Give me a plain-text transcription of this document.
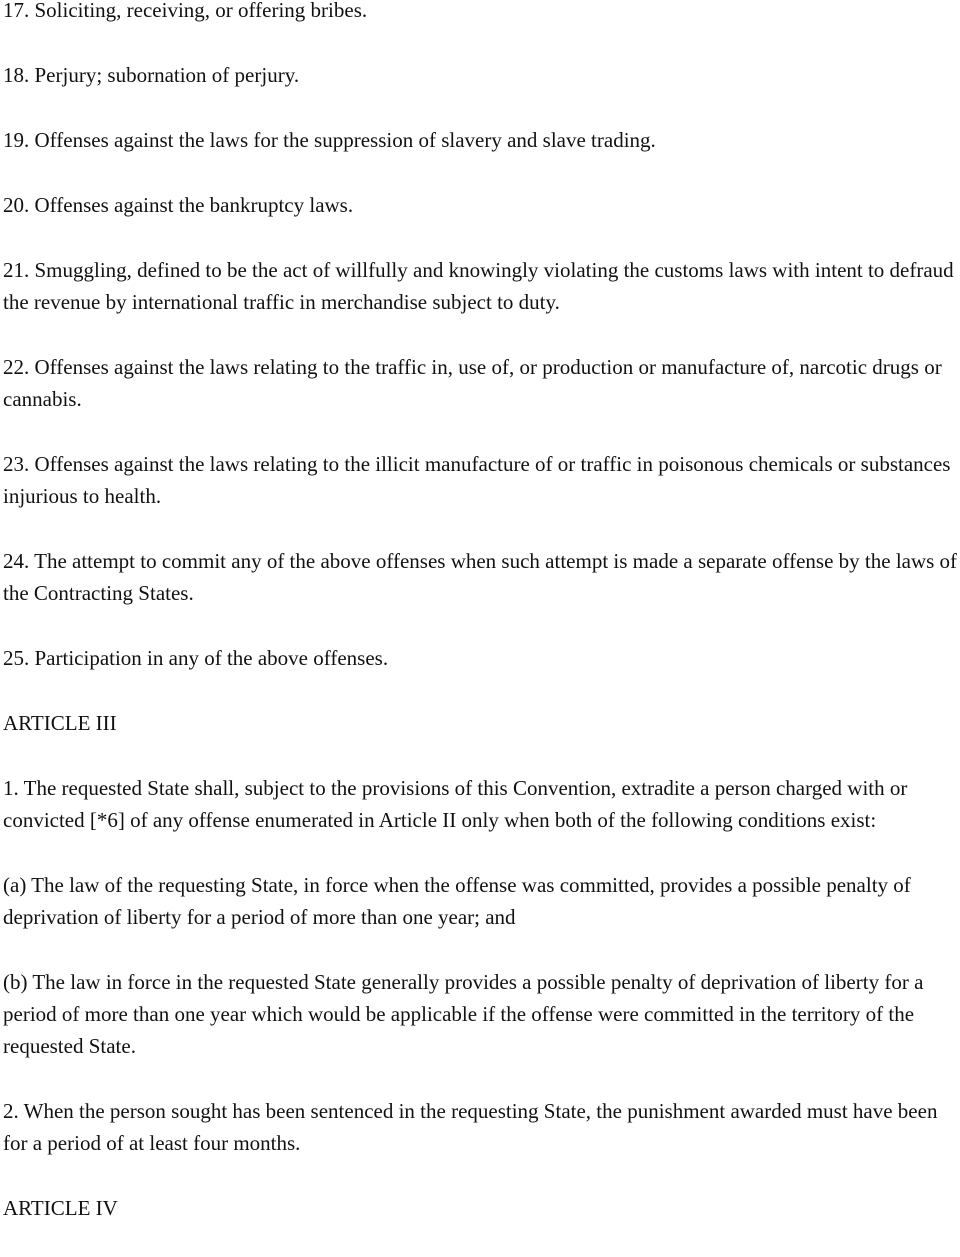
17. Soliciting, receiving, or offering bribes.

18. Perjury; subornation of perjury.

19. Offenses against the laws for the suppression of slavery and slave trading.

20. Offenses against the bankruptcy laws.

21. Smuggling, defined to be the act of willfully and knowingly violating the customs laws with intent to defraud the revenue by international traffic in merchandise subject to duty.

22. Offenses against the laws relating to the traffic in, use of, or production or manufacture of, narcotic drugs or cannabis.

23. Offenses against the laws relating to the illicit manufacture of or traffic in poisonous chemicals or substances injurious to health.

24. The attempt to commit any of the above offenses when such attempt is made a separate offense by the laws of the Contracting States.

25. Participation in any of the above offenses.

ARTICLE III

1. The requested State shall, subject to the provisions of this Convention, extradite a person charged with or convicted [*6] of any offense enumerated in Article II only when both of the following conditions exist:

(a) The law of the requesting State, in force when the offense was committed, provides a possible penalty of deprivation of liberty for a period of more than one year; and

(b) The law in force in the requested State generally provides a possible penalty of deprivation of liberty for a period of more than one year which would be applicable if the offense were committed in the territory of the requested State.

2. When the person sought has been sentenced in the requesting State, the punishment awarded must have been for a period of at least four months.

ARTICLE IV
